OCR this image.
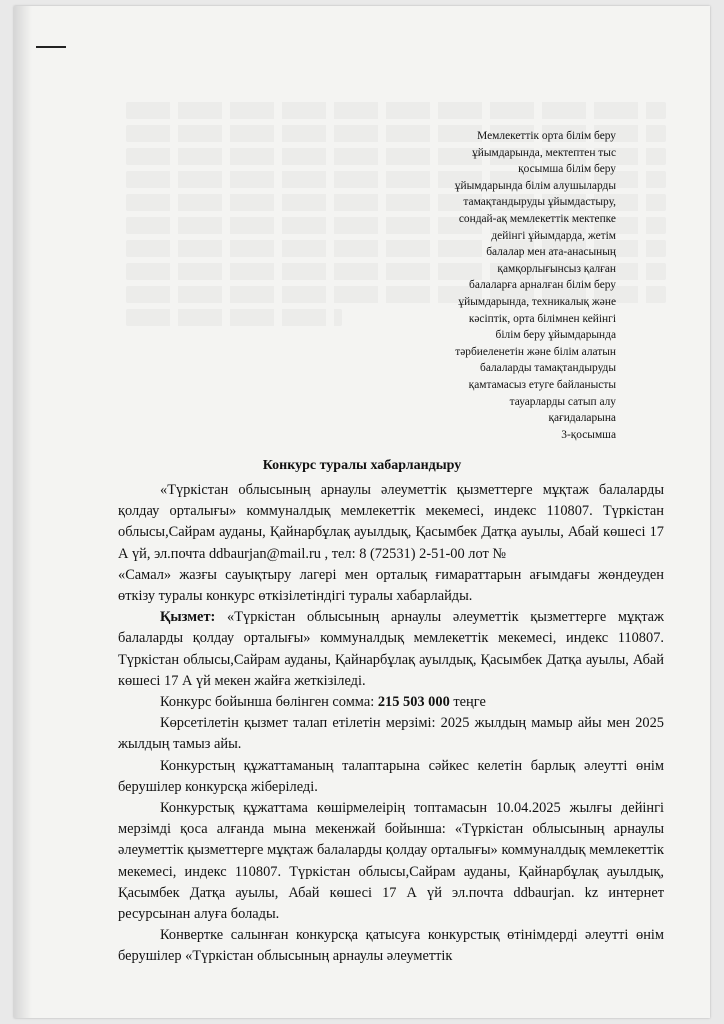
Мемлекеттік орта білім беру
ұйымдарында, мектептен тыс
қосымша білім беру
ұйымдарында білім алушыларды
тамақтандыруды ұйымдастыру,
сондай-ақ мемлекеттік мектепке
дейінгі ұйымдарда, жетім
балалар мен ата-анасының
қамқорлығынсыз қалған
балаларға арналған білім беру
ұйымдарында, техникалық және
кәсіптік, орта білімнен кейінгі
білім беру ұйымдарында
тәрбиеленетін және білім алатын
балаларды тамақтандыруды
қамтамасыз етуге байланысты
тауарларды сатып алу
қағидаларына
3-қосымша
Конкурс туралы хабарландыру

«Түркістан облысының арнаулы әлеуметтік қызметтерге мұқтаж балаларды қолдау орталығы» коммуналдық мемлекеттік мекемесі, индекс 110807. Түркістан облысы,Сайрам ауданы, Қайнарбұлақ ауылдық, Қасымбек Датқа ауылы, Абай көшесі 17 А үй, эл.почта ddbaurjan@mail.ru , тел: 8 (72531) 2-51-00 лот №

«Самал» жазғы сауықтыру лагері мен орталық ғимараттарын ағымдағы жөндеуден өткізу туралы конкурс өткізілетіндігі туралы хабарлайды.

Қызмет: «Түркістан облысының арнаулы әлеуметтік қызметтерге мұқтаж балаларды қолдау орталығы» коммуналдық мемлекеттік мекемесі, индекс 110807. Түркістан облысы,Сайрам ауданы, Қайнарбұлақ ауылдық, Қасымбек Датқа ауылы, Абай көшесі 17 А үй мекен жайға жеткізіледі.

Конкурс бойынша бөлінген сомма: 215 503 000 теңге

Көрсетілетін қызмет талап етілетін мерзімі: 2025 жылдың мамыр айы мен 2025 жылдың тамыз айы.

Конкурстың құжаттаманың талаптарына сәйкес келетін барлық әлеутті өнім берушілер конкурсқа жіберіледі.

Конкурстық құжаттама көшірмелеірің топтамасын 10.04.2025 жылғы дейінгі мерзімді қоса алғанда мына мекенжай бойынша: «Түркістан облысының арнаулы әлеуметтік қызметтерге мұқтаж балаларды қолдау орталығы» коммуналдық мемлекеттік мекемесі, индекс 110807. Түркістан облысы,Сайрам ауданы, Қайнарбұлақ ауылдық, Қасымбек Датқа ауылы, Абай көшесі 17 А үй эл.почта ddbaurjan. kz интернет ресурсынан алуға болады.

Конвертке салынған конкурсқа қатысуға конкурстық өтінімдерді әлеутті өнім берушілер «Түркістан облысының арнаулы әлеуметтік
